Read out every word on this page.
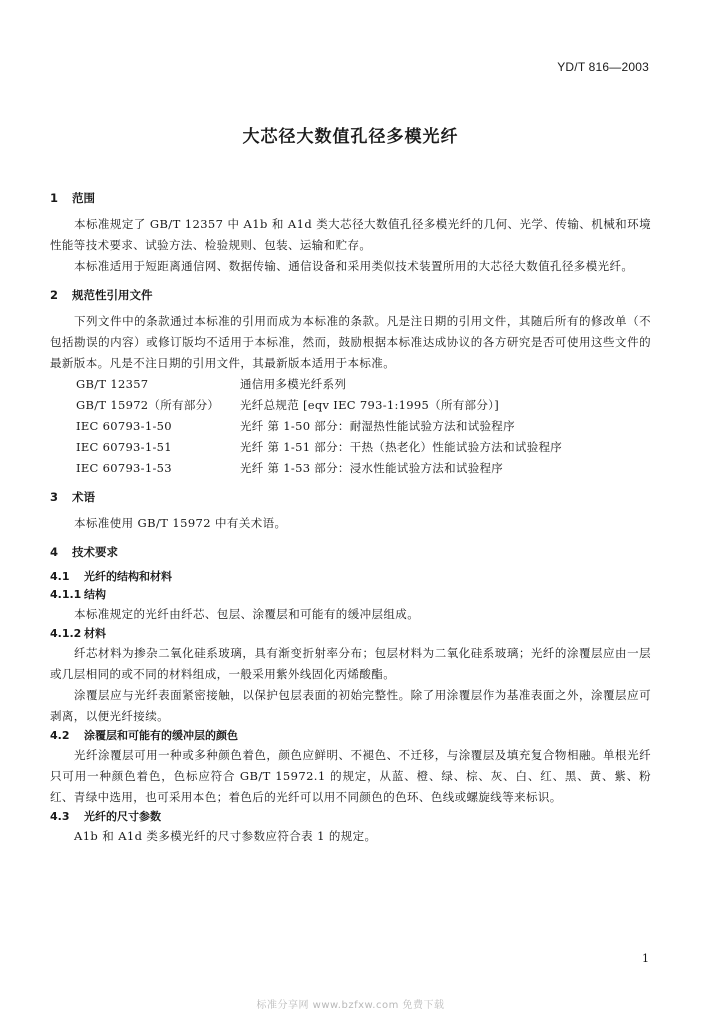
YD/T 816—2003
大芯径大数值孔径多模光纤
1 范围

本标准规定了 GB/T 12357 中 A1b 和 A1d 类大芯径大数值孔径多模光纤的几何、光学、传输、机械和环境性能等技术要求、试验方法、检验规则、包装、运输和贮存。

本标准适用于短距离通信网、数据传输、通信设备和采用类似技术装置所用的大芯径大数值孔径多模光纤。

2 规范性引用文件

下列文件中的条款通过本标准的引用而成为本标准的条款。凡是注日期的引用文件，其随后所有的修改单（不包括勘误的内容）或修订版均不适用于本标准，然而，鼓励根据本标准达成协议的各方研究是否可使用这些文件的最新版本。凡是不注日期的引用文件，其最新版本适用于本标准。

GB/T 12357	通信用多模光纤系列
GB/T 15972（所有部分）	光纤总规范 [eqv IEC 793-1:1995（所有部分）]
IEC 60793-1-50	光纤 第 1-50 部分：耐湿热性能试验方法和试验程序
IEC 60793-1-51	光纤 第 1-51 部分：干热（热老化）性能试验方法和试验程序
IEC 60793-1-53	光纤 第 1-53 部分：浸水性能试验方法和试验程序
3 术语

本标准使用 GB/T 15972 中有关术语。

4 技术要求
4.1 光纤的结构和材料
4.1.1 结构

本标准规定的光纤由纤芯、包层、涂覆层和可能有的缓冲层组成。

4.1.2 材料

纤芯材料为掺杂二氧化硅系玻璃，具有渐变折射率分布；包层材料为二氧化硅系玻璃；光纤的涂覆层应由一层或几层相同的或不同的材料组成，一般采用紫外线固化丙烯酸酯。

涂覆层应与光纤表面紧密接触，以保护包层表面的初始完整性。除了用涂覆层作为基准表面之外，涂覆层应可剥离，以便光纤接续。

4.2 涂覆层和可能有的缓冲层的颜色

光纤涂覆层可用一种或多种颜色着色，颜色应鲜明、不褪色、不迁移，与涂覆层及填充复合物相融。单根光纤只可用一种颜色着色，色标应符合 GB/T 15972.1 的规定，从蓝、橙、绿、棕、灰、白、红、黑、黄、紫、粉红、青绿中选用，也可采用本色；着色后的光纤可以用不同颜色的色环、色线或螺旋线等来标识。

4.3 光纤的尺寸参数

A1b 和 A1d 类多模光纤的尺寸参数应符合表 1 的规定。

1
标准分享网 www.bzfxw.com 免费下载
